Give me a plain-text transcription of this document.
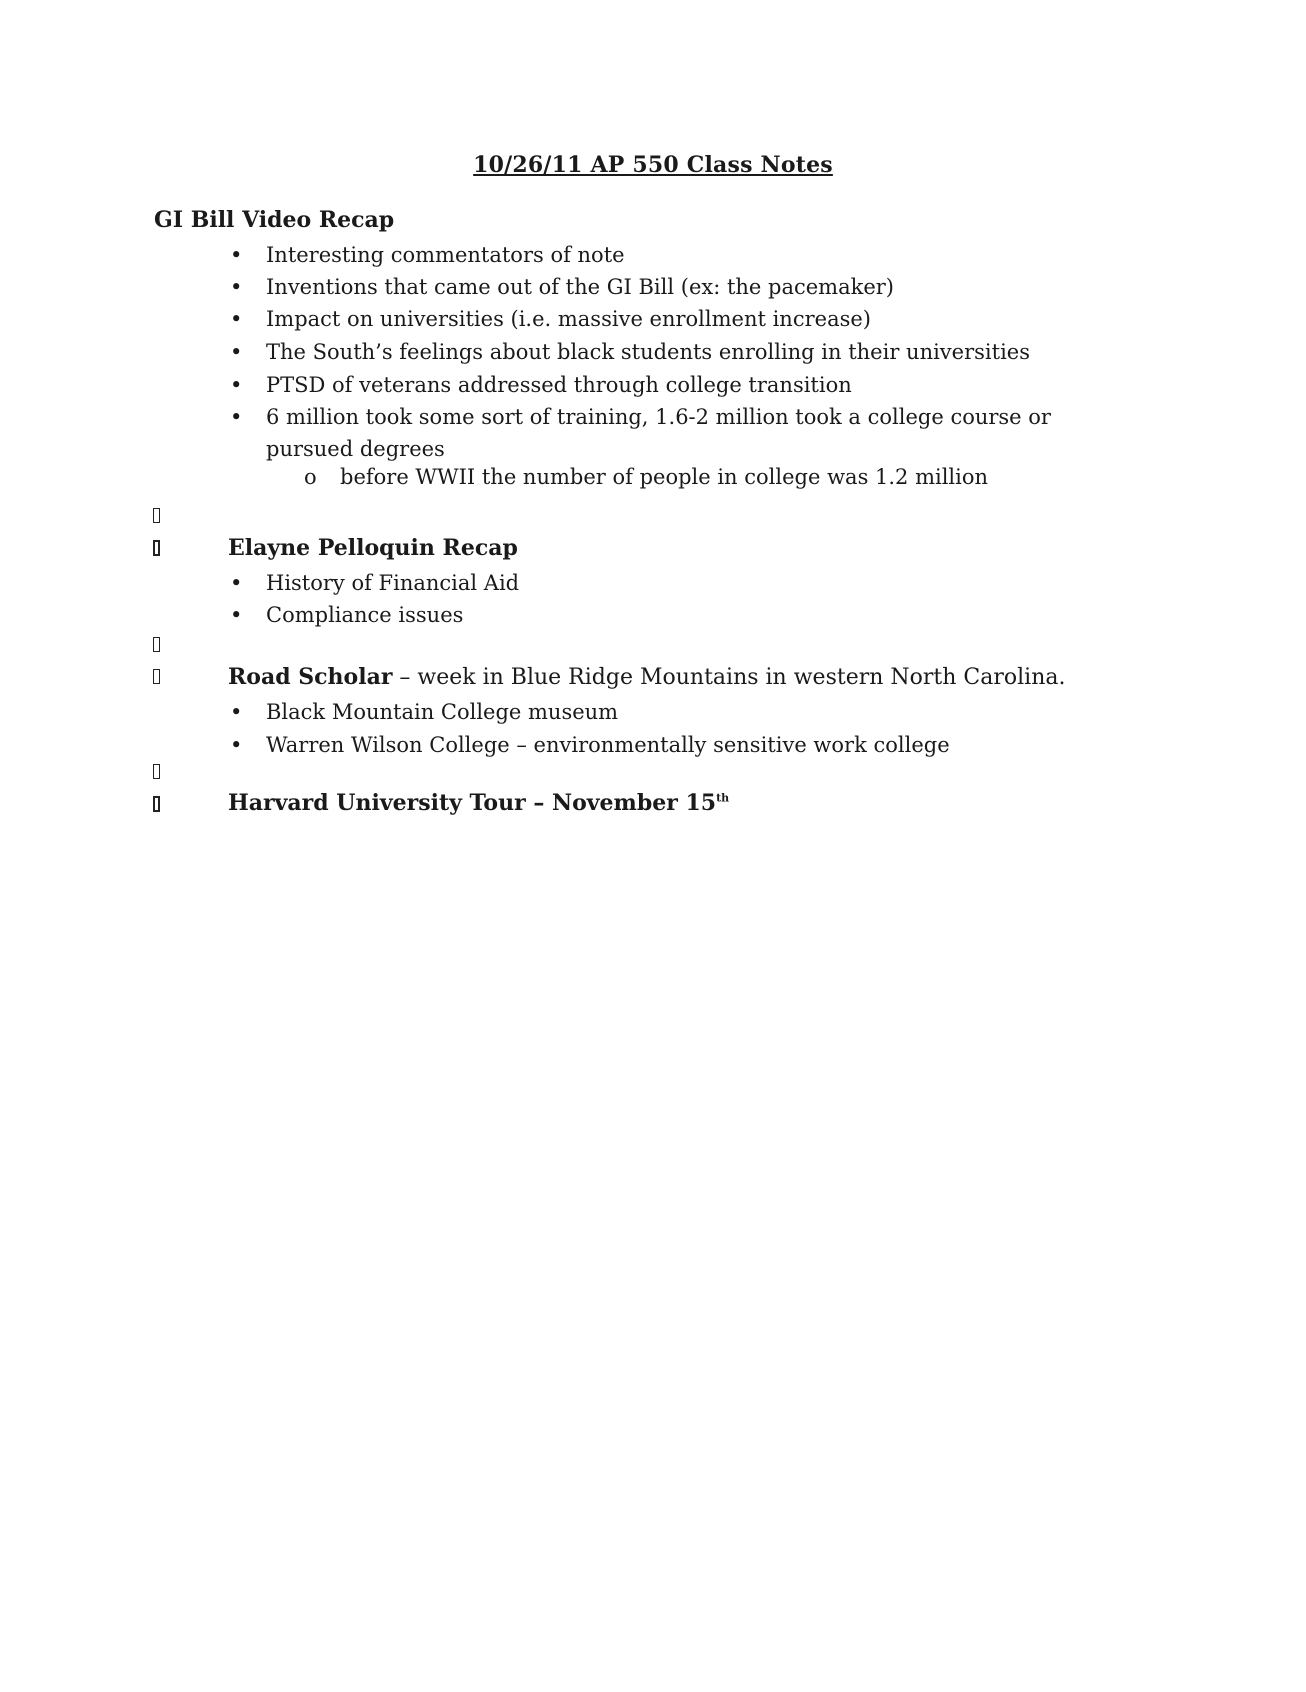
10/26/11 AP 550 Class Notes
GI Bill Video Recap
• Interesting commentators of note
• Inventions that came out of the GI Bill (ex: the pacemaker)
• Impact on universities (i.e. massive enrollment increase)
• The South’s feelings about black students enrolling in their universities
• PTSD of veterans addressed through college transition
• 6 million took some sort of training, 1.6-2 million took a college course or
pursued degrees
o before WWII the number of people in college was 1.2 million
Elayne Pelloquin Recap
• History of Financial Aid
• Compliance issues
Road Scholar – week in Blue Ridge Mountains in western North Carolina.
• Black Mountain College museum
• Warren Wilson College – environmentally sensitive work college
Harvard University Tour – November 15th
